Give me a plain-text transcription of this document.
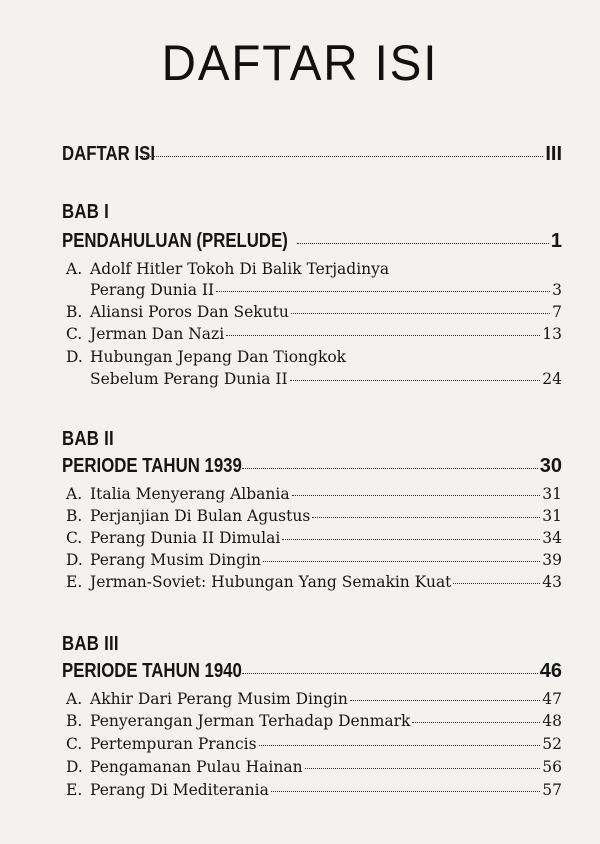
DAFTAR ISI
DAFTAR ISI	III
BAB I
PENDAHULUAN (PRELUDE)	1
A. Adolf Hitler Tokoh Di Balik Terjadinya
Perang Dunia II	3
B. Aliansi Poros Dan Sekutu	7
C. Jerman Dan Nazi	13
D. Hubungan Jepang Dan Tiongkok
Sebelum Perang Dunia II	24
BAB II
PERIODE TAHUN 1939	30
A. Italia Menyerang Albania	31
B. Perjanjian Di Bulan Agustus	31
C. Perang Dunia II Dimulai	34
D. Perang Musim Dingin	39
E. Jerman-Soviet: Hubungan Yang Semakin Kuat	43
BAB III
PERIODE TAHUN 1940	46
A. Akhir Dari Perang Musim Dingin	47
B. Penyerangan Jerman Terhadap Denmark	48
C. Pertempuran Prancis	52
D. Pengamanan Pulau Hainan	56
E. Perang Di Mediterania	57
